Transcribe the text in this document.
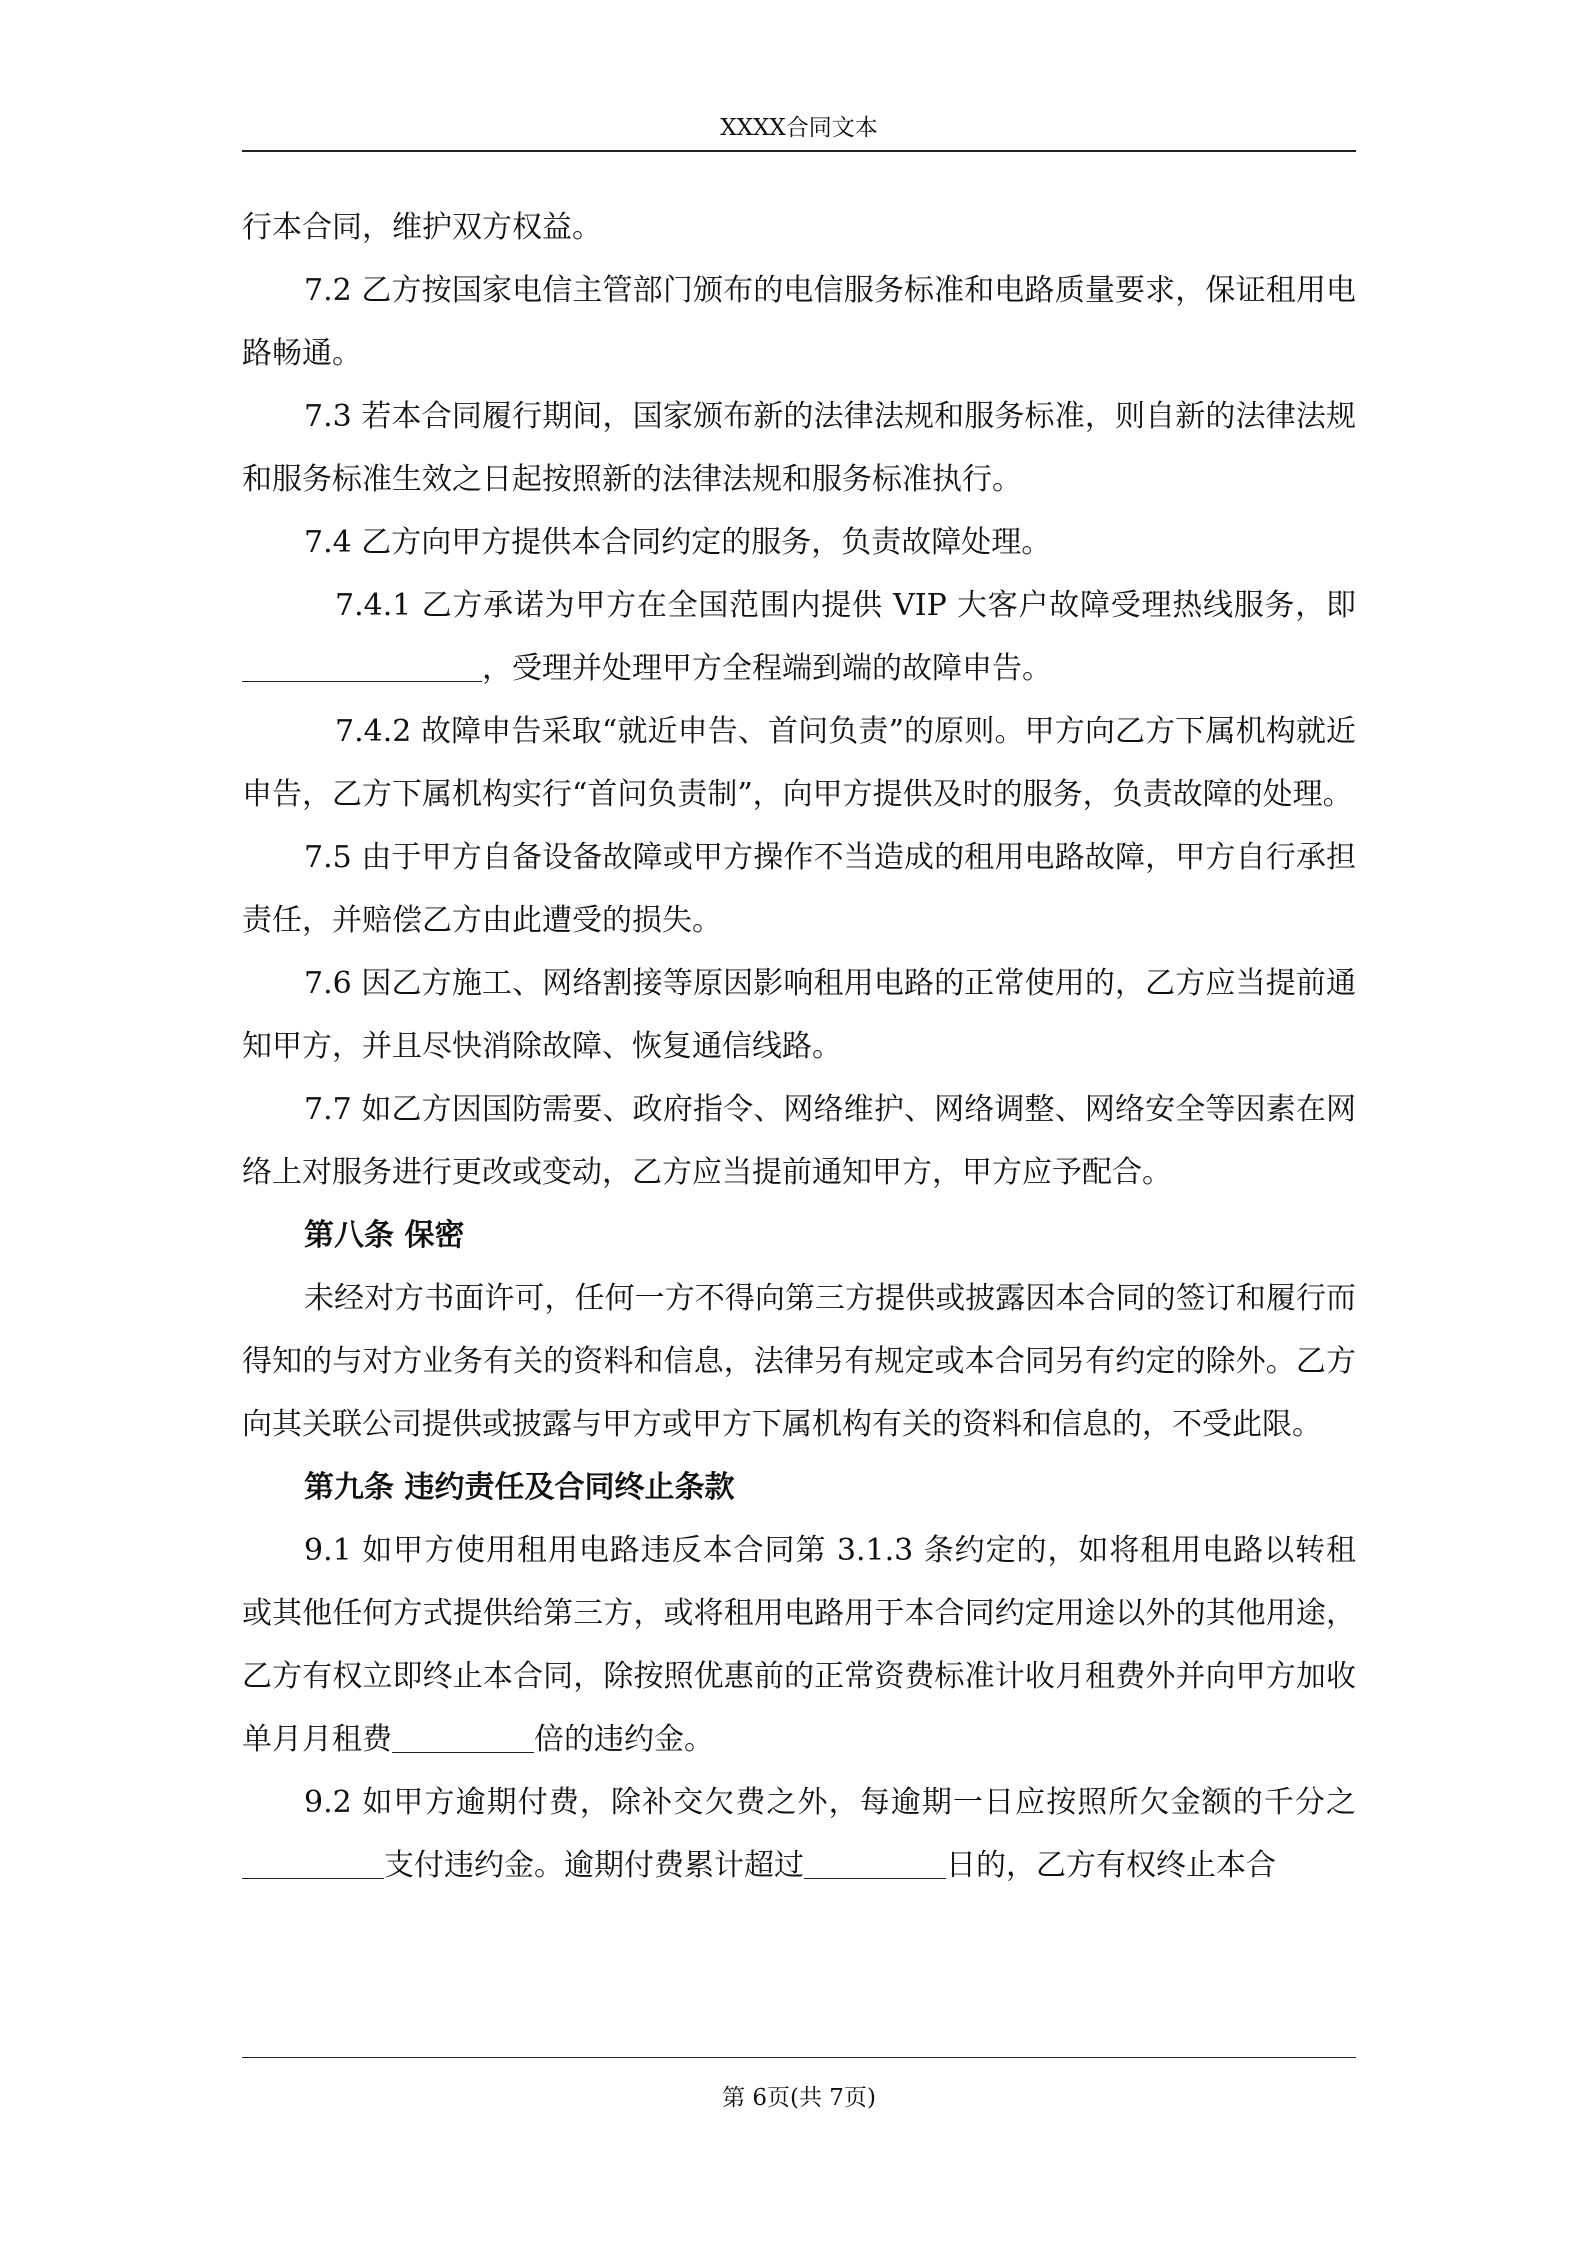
XXXX合同文本

行本合同，维护双方权益。

7.2 乙方按国家电信主管部门颁布的电信服务标准和电路质量要求，保证租用电路畅通。

7.3 若本合同履行期间，国家颁布新的法律法规和服务标准，则自新的法律法规和服务标准生效之日起按照新的法律法规和服务标准执行。

7.4 乙方向甲方提供本合同约定的服务，负责故障处理。

7.4.1 乙方承诺为甲方在全国范围内提供 VIP 大客户故障受理热线服务，即，受理并处理甲方全程端到端的故障申告。

7.4.2 故障申告采取“就近申告、首问负责”的原则。甲方向乙方下属机构就近申告，乙方下属机构实行“首问负责制”，向甲方提供及时的服务，负责故障的处理。

7.5 由于甲方自备设备故障或甲方操作不当造成的租用电路故障，甲方自行承担责任，并赔偿乙方由此遭受的损失。

7.6 因乙方施工、网络割接等原因影响租用电路的正常使用的，乙方应当提前通知甲方，并且尽快消除故障、恢复通信线路。

7.7 如乙方因国防需要、政府指令、网络维护、网络调整、网络安全等因素在网络上对服务进行更改或变动，乙方应当提前通知甲方，甲方应予配合。

第八条 保密

未经对方书面许可，任何一方不得向第三方提供或披露因本合同的签订和履行而得知的与对方业务有关的资料和信息，法律另有规定或本合同另有约定的除外。乙方向其关联公司提供或披露与甲方或甲方下属机构有关的资料和信息的，不受此限。

第九条 违约责任及合同终止条款

9.1 如甲方使用租用电路违反本合同第 3.1.3 条约定的，如将租用电路以转租或其他任何方式提供给第三方，或将租用电路用于本合同约定用途以外的其他用途，乙方有权立即终止本合同，除按照优惠前的正常资费标准计收月租费外并向甲方加收单月月租费	倍的违约金。

9.2 如甲方逾期付费，除补交欠费之外，每逾期一日应按照所欠金额的千分之支付违约金。逾期付费累计超过	日的，乙方有权终止本合

第 6页(共 7页)
